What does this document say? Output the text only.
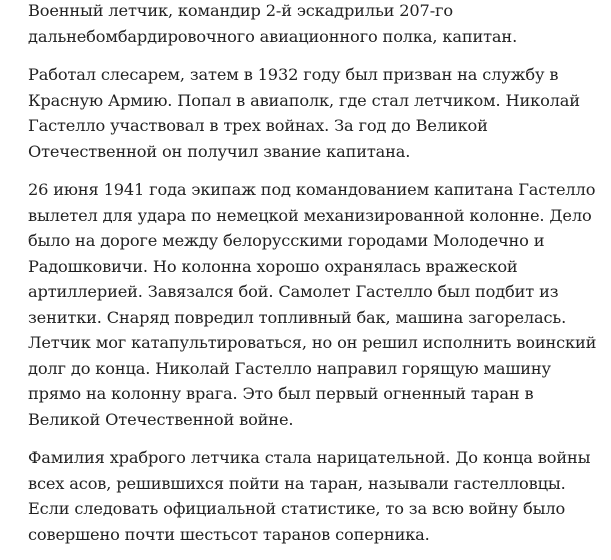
Военный летчик, командир 2-й эскадрильи 207-го дальнебомбардировочного авиационного полка, капитан.

Работал слесарем, затем в 1932 году был призван на службу в Красную Армию. Попал в авиаполк, где стал летчиком. Николай Гастелло участвовал в трех войнах. За год до Великой Отечественной он получил звание капитана.

26 июня 1941 года экипаж под командованием капитана Гастелло вылетел для удара по немецкой механизированной колонне. Дело было на дороге между белорусскими городами Молодечно и Радошковичи. Но колонна хорошо охранялась вражеской артиллерией. Завязался бой. Самолет Гастелло был подбит из зенитки. Снаряд повредил топливный бак, машина загорелась. Летчик мог катапультироваться, но он решил исполнить воинский долг до конца. Николай Гастелло направил горящую машину прямо на колонну врага. Это был первый огненный таран в Великой Отечественной войне.

Фамилия храброго летчика стала нарицательной. До конца войны всех асов, решившихся пойти на таран, называли гастелловцы. Если следовать официальной статистике, то за всю войну было совершено почти шестьсот таранов соперника.
